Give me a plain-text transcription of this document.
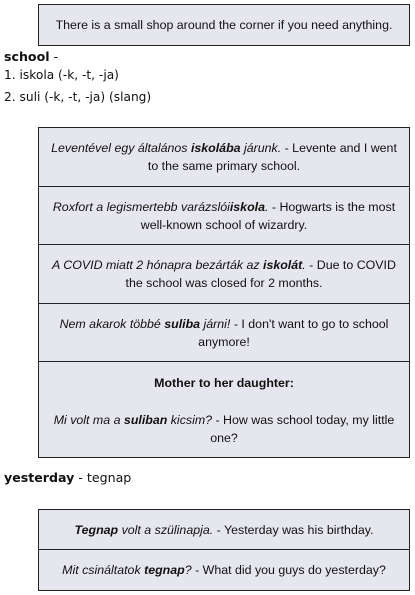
There is a small shop around the corner if you need anything.

school -
1. iskola (-k, -t, -ja)
2. suli (-k, -t, -ja) (slang)

Leventével egy általános iskolába járunk. - Levente and I went to the same primary school.

Roxfort a legismertebb varázslóiiskola. - Hogwarts is the most well-known school of wizardry.

A COVID miatt 2 hónapra bezárták az iskolát. - Due to COVID the school was closed for 2 months.

Nem akarok többé suliba járni! - I don't want to go to school anymore!

Mother to her daughter:

Mi volt ma a suliban kicsim? - How was school today, my little one?

yesterday - tegnap

Tegnap volt a szülinapja. - Yesterday was his birthday.

Mit csináltatok tegnap? - What did you guys do yesterday?
